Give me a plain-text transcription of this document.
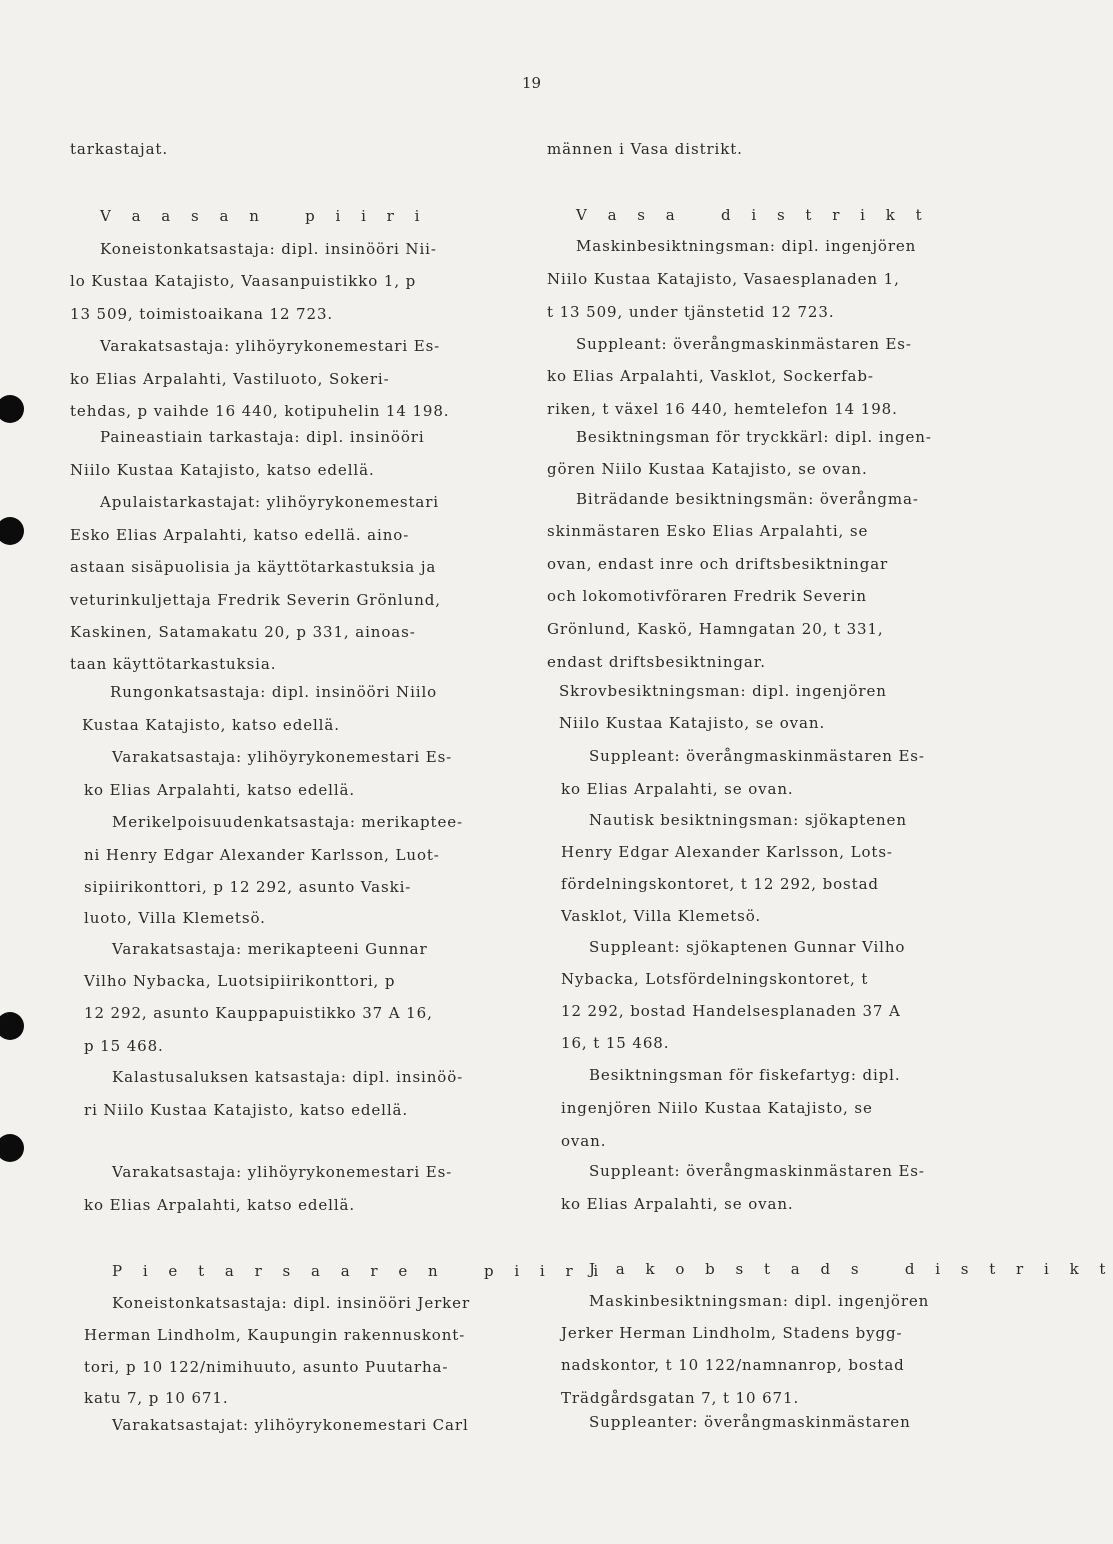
19
tarkastajat.
V a a s a n   p i i r i
Koneistonkatsastaja: dipl. insinööri Nii-
lo Kustaa Katajisto, Vaasanpuistikko 1, p
13 509, toimistoaikana 12 723.
Varakatsastaja: ylihöyrykonemestari Es-
ko Elias Arpalahti, Vastiluoto, Sokeri-
tehdas, p vaihde 16 440, kotipuhelin 14 198.
Paineastiain tarkastaja: dipl. insinööri
Niilo Kustaa Katajisto, katso edellä.
Apulaistarkastajat: ylihöyrykonemestari
Esko Elias Arpalahti, katso edellä. aino-
astaan sisäpuolisia ja käyttötarkastuksia ja
veturinkuljettaja Fredrik Severin Grönlund,
Kaskinen, Satamakatu 20, p 331, ainoas-
taan käyttötarkastuksia.
Rungonkatsastaja: dipl. insinööri Niilo
Kustaa Katajisto, katso edellä.
Varakatsastaja: ylihöyrykonemestari Es-
ko Elias Arpalahti, katso edellä.
Merikelpoisuudenkatsastaja: merikaptee-
ni Henry Edgar Alexander Karlsson, Luot-
sipiirikonttori, p 12 292, asunto Vaski-
luoto, Villa Klemetsö.
Varakatsastaja: merikapteeni Gunnar
Vilho Nybacka, Luotsipiirikonttori, p
12 292, asunto Kauppapuistikko 37 A 16,
p 15 468.
Kalastusaluksen katsastaja: dipl. insinöö-
ri Niilo Kustaa Katajisto, katso edellä.
Varakatsastaja: ylihöyrykonemestari Es-
ko Elias Arpalahti, katso edellä.
P i e t a r s a a r e n   p i i r i
Koneistonkatsastaja: dipl. insinööri Jerker
Herman Lindholm, Kaupungin rakennuskont-
tori, p 10 122/nimihuuto, asunto Puutarha-
katu 7, p 10 671.
Varakatsastajat: ylihöyrykonemestari Carl
männen i Vasa distrikt.
V a s a   d i s t r i k t
Maskinbesiktningsman: dipl. ingenjören
Niilo Kustaa Katajisto, Vasaesplanaden 1,
t 13 509, under tjänstetid 12 723.
Suppleant: överångmaskinmästaren Es-
ko Elias Arpalahti, Vasklot, Sockerfab-
riken, t växel 16 440, hemtelefon 14 198.
Besiktningsman för tryckkärl: dipl. ingen-
gören Niilo Kustaa Katajisto, se ovan.
Biträdande besiktningsmän: överångma-
skinmästaren Esko Elias Arpalahti, se
ovan, endast inre och driftsbesiktningar
och lokomotivföraren Fredrik Severin
Grönlund, Kaskö, Hamngatan 20, t 331,
endast driftsbesiktningar.
Skrovbesiktningsman: dipl. ingenjören
Niilo Kustaa Katajisto, se ovan.
Suppleant: överångmaskinmästaren Es-
ko Elias Arpalahti, se ovan.
Nautisk besiktningsman: sjökaptenen
Henry Edgar Alexander Karlsson, Lots-
fördelningskontoret, t 12 292, bostad
Vasklot, Villa Klemetsö.
Suppleant: sjökaptenen Gunnar Vilho
Nybacka, Lotsfördelningskontoret, t
12 292, bostad Handelsesplanaden 37 A
16, t 15 468.
Besiktningsman för fiskefartyg: dipl.
ingenjören Niilo Kustaa Katajisto, se
ovan.
Suppleant: överångmaskinmästaren Es-
ko Elias Arpalahti, se ovan.
J a k o b s t a d s   d i s t r i k t
Maskinbesiktningsman: dipl. ingenjören
Jerker Herman Lindholm, Stadens bygg-
nadskontor, t 10 122/namnanrop, bostad
Trädgårdsgatan 7, t 10 671.
Suppleanter: överångmaskinmästaren
